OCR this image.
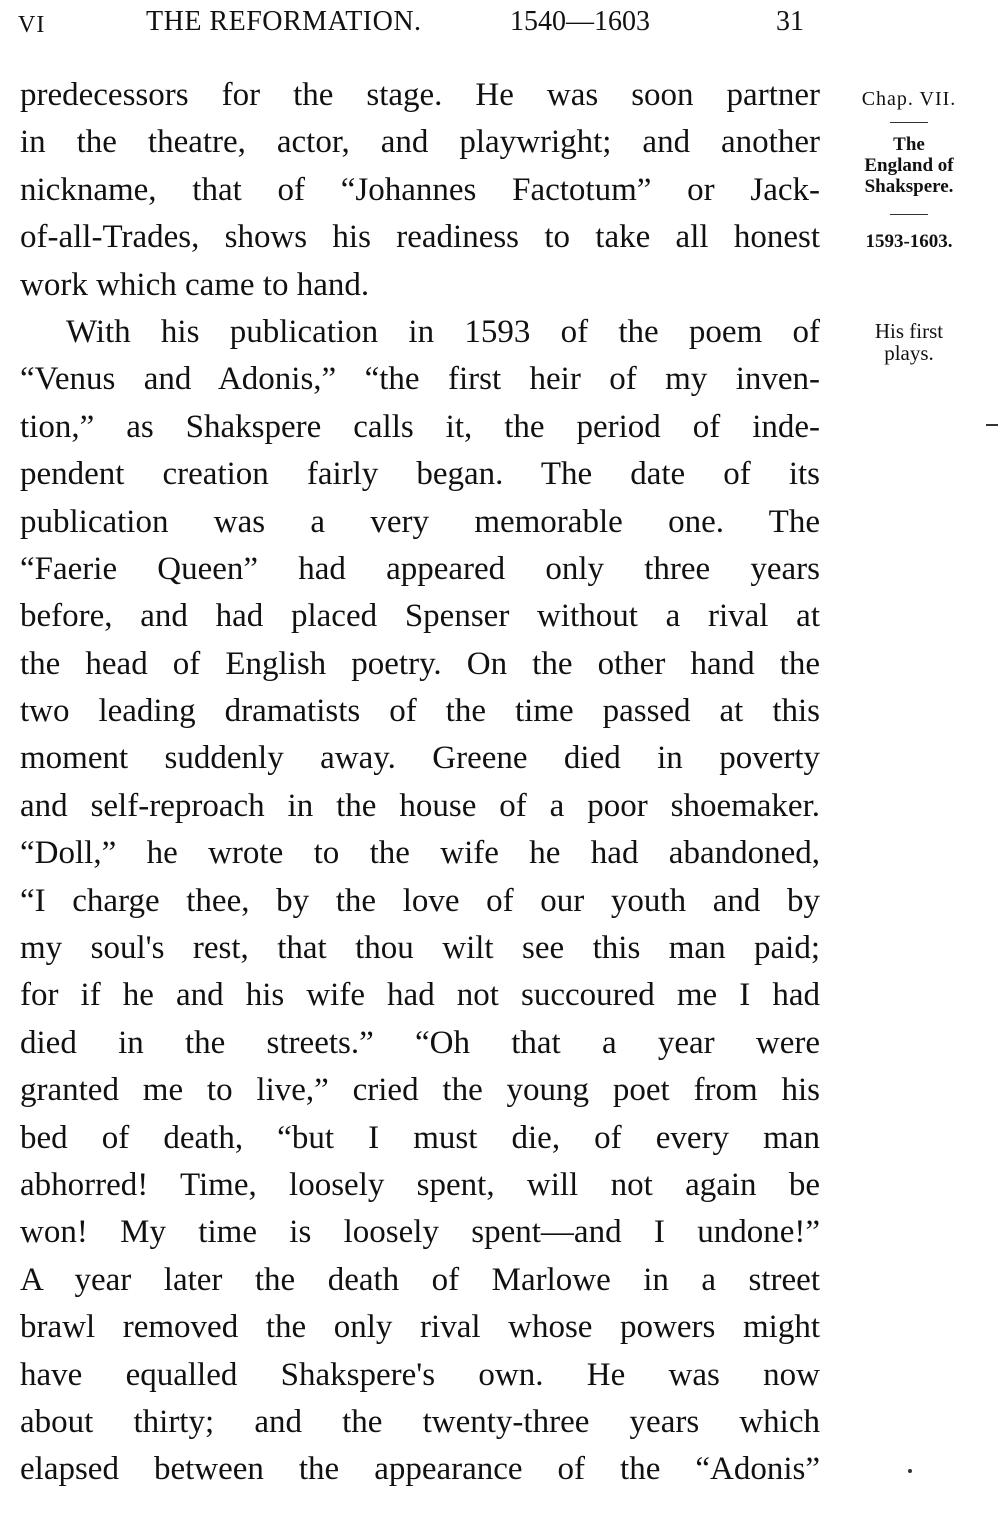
VI	THE REFORMATION.	1540—1603	31
predecessors for the stage. He was soon partner
in the theatre, actor, and playwright; and another
nickname, that of “Johannes Factotum” or Jack-
of-all-Trades, shows his readiness to take all honest
work which came to hand.
With his publication in 1593 of the poem of
“Venus and Adonis,” “the first heir of my inven-
tion,” as Shakspere calls it, the period of inde-
pendent creation fairly began. The date of its
publication was a very memorable one. The
“Faerie Queen” had appeared only three years
before, and had placed Spenser without a rival at
the head of English poetry. On the other hand the
two leading dramatists of the time passed at this
moment suddenly away. Greene died in poverty
and self-reproach in the house of a poor shoemaker.
“Doll,” he wrote to the wife he had abandoned,
“I charge thee, by the love of our youth and by
my soul's rest, that thou wilt see this man paid;
for if he and his wife had not succoured me I had
died in the streets.” “Oh that a year were
granted me to live,” cried the young poet from his
bed of death, “but I must die, of every man
abhorred! Time, loosely spent, will not again be
won! My time is loosely spent—and I undone!”
A year later the death of Marlowe in a street
brawl removed the only rival whose powers might
have equalled Shakspere's own. He was now
about thirty; and the twenty-three years which
elapsed between the appearance of the “Adonis”
Chap. VII.
The
England of
Shakspere.
1593-1603.
His first
plays.
